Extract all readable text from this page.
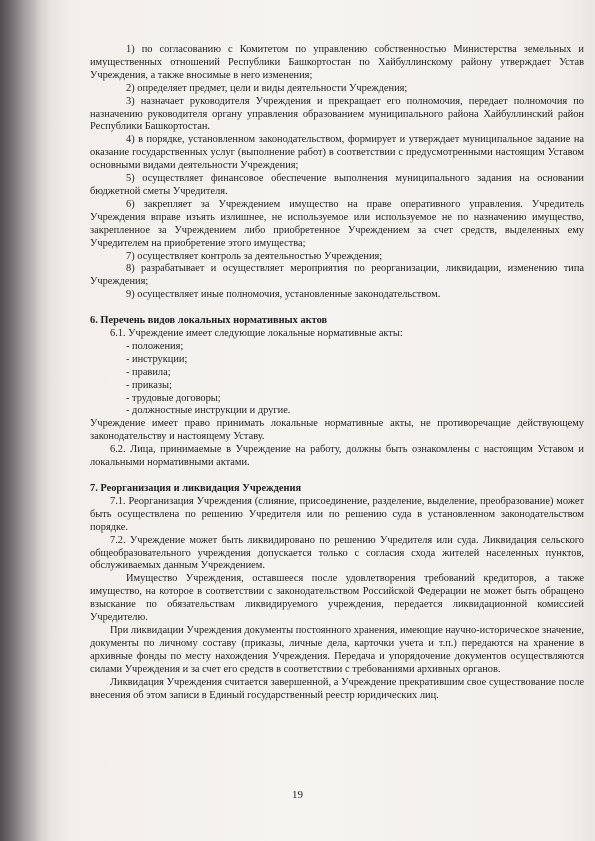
1) по согласованию с Комитетом по управлению собственностью Министерства земельных и имущественных отношений Республики Башкортостан по Хайбуллинскому району утверждает Устав Учреждения, а также вносимые в него изменения;

2) определяет предмет, цели и виды деятельности Учреждения;

3) назначает руководителя Учреждения и прекращает его полномочия, передает полномочия по назначению руководителя органу управления образованием муниципального района Хайбуллинский район Республики Башкортостан.

4) в порядке, установленном законодательством, формирует и утверждает муниципальное задание на оказание государственных услуг (выполнение работ) в соответствии с предусмотренными настоящим Уставом основными видами деятельности Учреждения;

5) осуществляет финансовое обеспечение выполнения муниципального задания на основании бюджетной сметы Учредителя.

6) закрепляет за Учреждением имущество на праве оперативного управления. Учредитель Учреждения вправе изъять излишнее, не используемое или используемое не по назначению имущество, закрепленное за Учреждением либо приобретенное Учреждением за счет средств, выделенных ему Учредителем на приобретение этого имущества;

7) осуществляет контроль за деятельностью Учреждения;

8) разрабатывает и осуществляет мероприятия по реорганизации, ликвидации, изменению типа Учреждения;

9) осуществляет иные полномочия, установленные законодательством.

6. Перечень видов локальных нормативных актов

6.1. Учреждение имеет следующие локальные нормативные акты:

- положения;
- инструкции;
- правила;
- приказы;
- трудовые договоры;
- должностные инструкции и другие.

Учреждение имеет право принимать локальные нормативные акты, не противоречащие действующему законодательству и настоящему Уставу.

6.2. Лица, принимаемые в Учреждение на работу, должны быть ознакомлены с настоящим Уставом и локальными нормативными актами.

7. Реорганизация и ликвидация Учреждения

7.1. Реорганизация Учреждения (слияние, присоединение, разделение, выделение, преобразование) может быть осуществлена по решению Учредителя или по решению суда в установленном законодательством порядке.

7.2. Учреждение может быть ликвидировано по решению Учредителя или суда. Ликвидация сельского общеобразовательного учреждения допускается только с согласия схода жителей населенных пунктов, обслуживаемых данным Учреждением.

Имущество Учреждения, оставшееся после удовлетворения требований кредиторов, а также имущество, на которое в соответствии с законодательством Российской Федерации не может быть обращено взыскание по обязательствам ликвидируемого учреждения, передается ликвидационной комиссией Учредителю.

При ликвидации Учреждения документы постоянного хранения, имеющие научно-историческое значение, документы по личному составу (приказы, личные дела, карточки учета и т.п.) передаются на хранение в архивные фонды по месту нахождения Учреждения. Передача и упорядочение документов осуществляются силами Учреждения и за счет его средств в соответствии с требованиями архивных органов.

Ликвидация Учреждения считается завершенной, а Учреждение прекратившим свое существование после внесения об этом записи в Единый государственный реестр юридических лиц.

19
